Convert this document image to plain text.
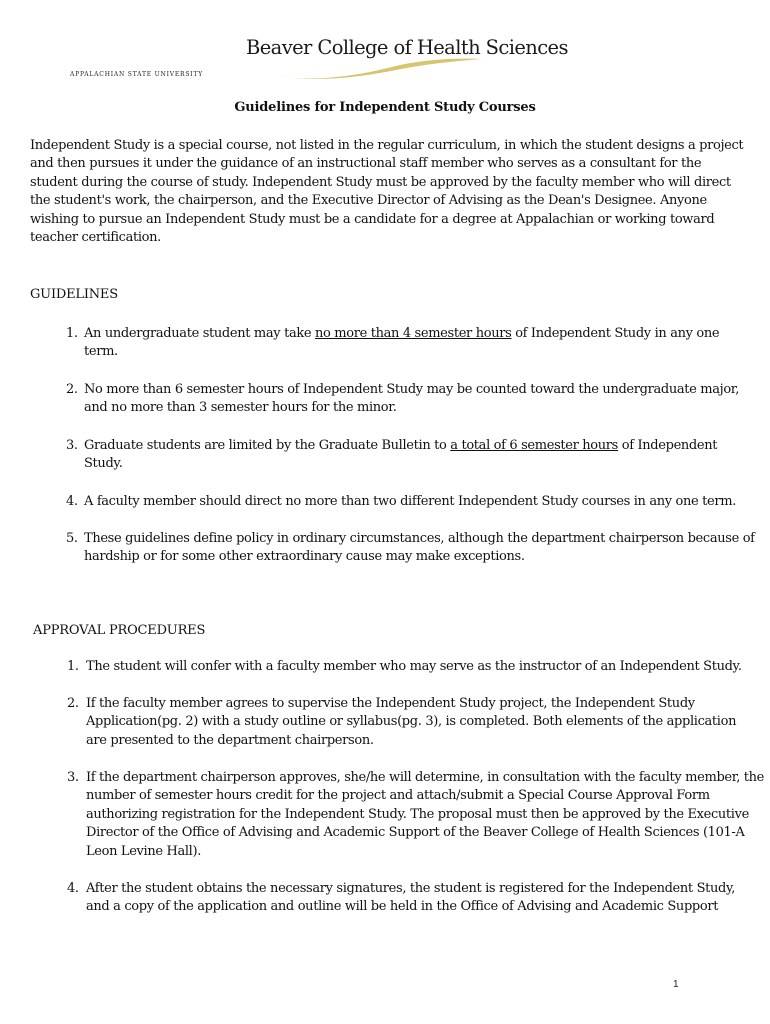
Beaver College of Health Sciences
APPALACHIAN STATE UNIVERSITY
Guidelines for Independent Study Courses
Independent Study is a special course, not listed in the regular curriculum, in which the student designs a project and then pursues it under the guidance of an instructional staff member who serves as a consultant for the student during the course of study. Independent Study must be approved by the faculty member who will direct the student's work, the chairperson, and the Executive Director of Advising as the Dean's Designee. Anyone wishing to pursue an Independent Study must be a candidate for a degree at Appalachian or working toward teacher certification.
GUIDELINES
1. An undergraduate student may take no more than 4 semester hours of Independent Study in any one term.
2. No more than 6 semester hours of Independent Study may be counted toward the undergraduate major, and no more than 3 semester hours for the minor.
3. Graduate students are limited by the Graduate Bulletin to a total of 6 semester hours of Independent Study.
4. A faculty member should direct no more than two different Independent Study courses in any one term.
5. These guidelines define policy in ordinary circumstances, although the department chairperson because of hardship or for some other extraordinary cause may make exceptions.
APPROVAL PROCEDURES
1. The student will confer with a faculty member who may serve as the instructor of an Independent Study.
2. If the faculty member agrees to supervise the Independent Study project, the Independent Study Application(pg. 2) with a study outline or syllabus(pg. 3), is completed. Both elements of the application are presented to the department chairperson.
3. If the department chairperson approves, she/he will determine, in consultation with the faculty member, the number of semester hours credit for the project and attach/submit a Special Course Approval Form authorizing registration for the Independent Study. The proposal must then be approved by the Executive Director of the Office of Advising and Academic Support of the Beaver College of Health Sciences (101-A Leon Levine Hall).
4. After the student obtains the necessary signatures, the student is registered for the Independent Study, and a copy of the application and outline will be held in the Office of Advising and Academic Support
1
